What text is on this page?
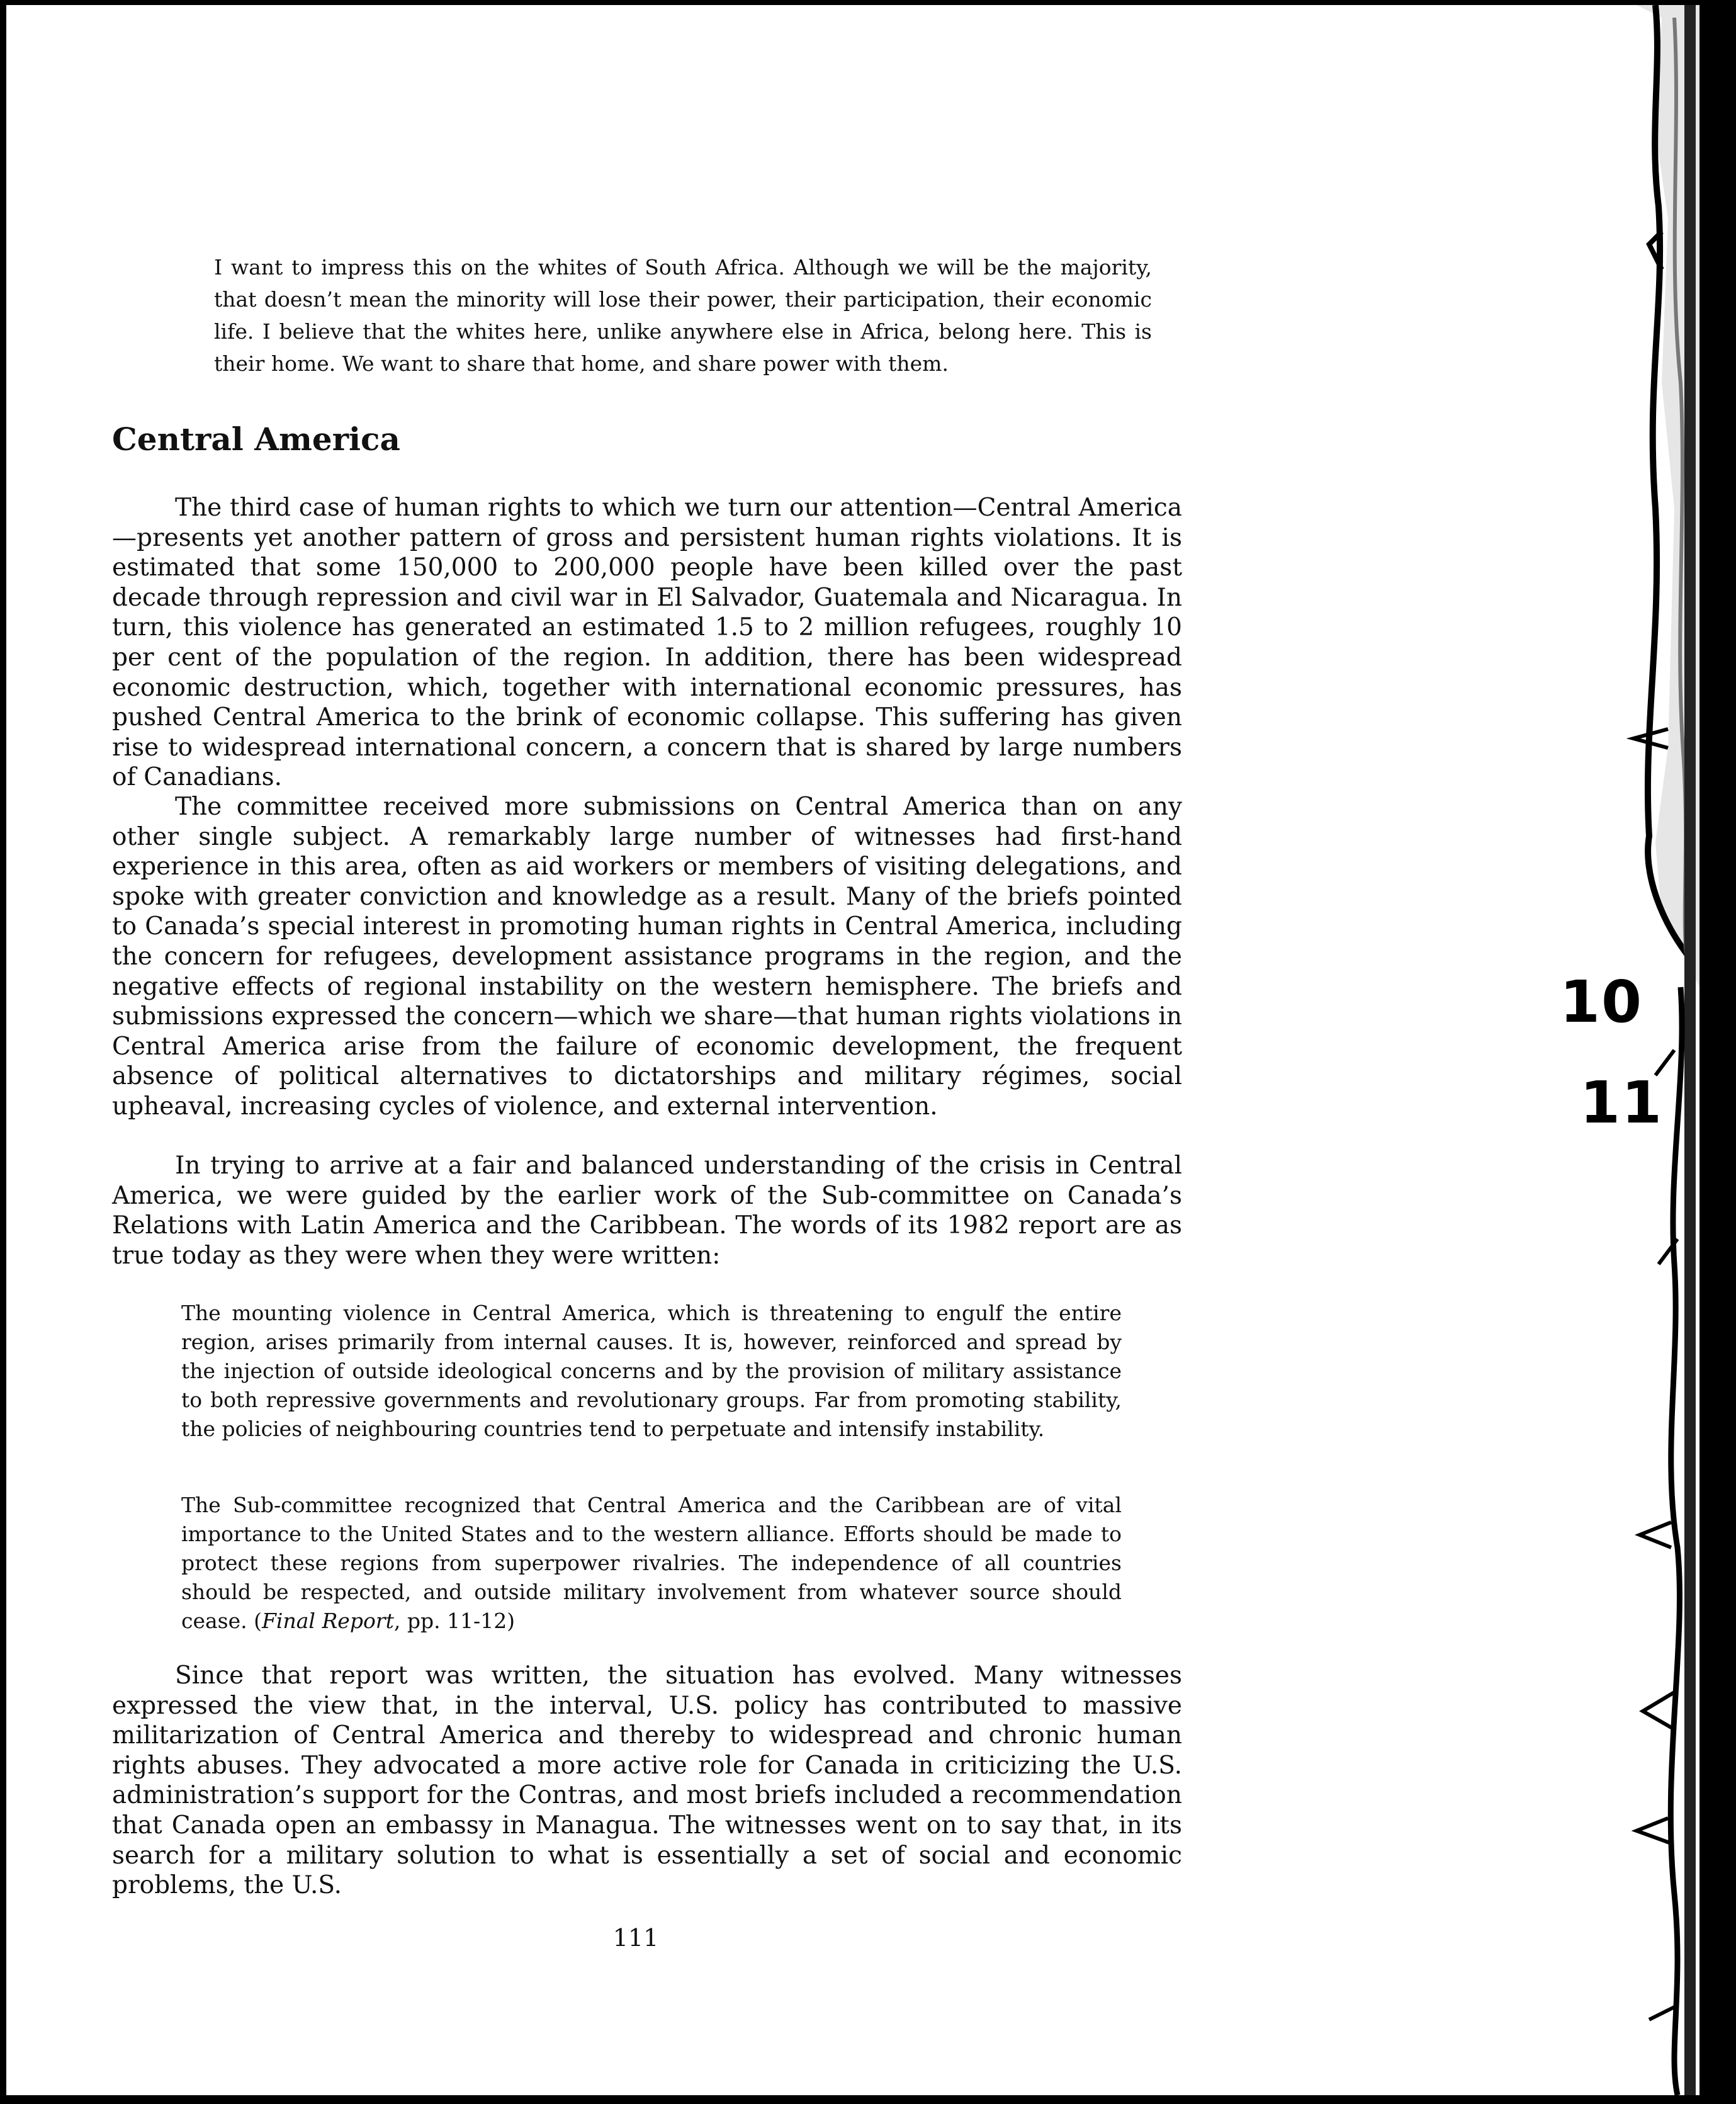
I want to impress this on the whites of South Africa. Although we will be the majority, that doesn’t mean the minority will lose their power, their participation, their economic life. I believe that the whites here, unlike anywhere else in Africa, belong here. This is their home. We want to share that home, and share power with them.

Central America

The third case of human rights to which we turn our attention—Central America—presents yet another pattern of gross and persistent human rights violations. It is estimated that some 150,000 to 200,000 people have been killed over the past decade through repression and civil war in El Salvador, Guatemala and Nicaragua. In turn, this violence has generated an estimated 1.5 to 2 million refugees, roughly 10 per cent of the population of the region. In addition, there has been widespread economic destruction, which, together with international economic pressures, has pushed Central America to the brink of economic collapse. This suffering has given rise to widespread international concern, a concern that is shared by large numbers of Canadians.

The committee received more submissions on Central America than on any other single subject. A remarkably large number of witnesses had first-hand experience in this area, often as aid workers or members of visiting delegations, and spoke with greater conviction and knowledge as a result. Many of the briefs pointed to Canada’s special interest in promoting human rights in Central America, including the concern for refugees, development assistance programs in the region, and the negative effects of regional instability on the western hemisphere. The briefs and submissions expressed the concern—which we share—that human rights violations in Central America arise from the failure of economic development, the frequent absence of political alternatives to dictatorships and military régimes, social upheaval, increasing cycles of violence, and external intervention.

In trying to arrive at a fair and balanced understanding of the crisis in Central America, we were guided by the earlier work of the Sub-committee on Canada’s Relations with Latin America and the Caribbean. The words of its 1982 report are as true today as they were when they were written:

The mounting violence in Central America, which is threatening to engulf the entire region, arises primarily from internal causes. It is, however, reinforced and spread by the injection of outside ideological concerns and by the provision of military assistance to both repressive governments and revolutionary groups. Far from promoting stability, the policies of neighbouring countries tend to perpetuate and intensify instability.

The Sub-committee recognized that Central America and the Caribbean are of vital importance to the United States and to the western alliance. Efforts should be made to protect these regions from superpower rivalries. The independence of all countries should be respected, and outside military involvement from whatever source should cease. (Final Report, pp. 11-12)

Since that report was written, the situation has evolved. Many witnesses expressed the view that, in the interval, U.S. policy has contributed to massive militarization of Central America and thereby to widespread and chronic human rights abuses. They advocated a more active role for Canada in criticizing the U.S. administration’s support for the Contras, and most briefs included a recommendation that Canada open an embassy in Managua. The witnesses went on to say that, in its search for a military solution to what is essentially a set of social and economic problems, the U.S.

111
10
11
